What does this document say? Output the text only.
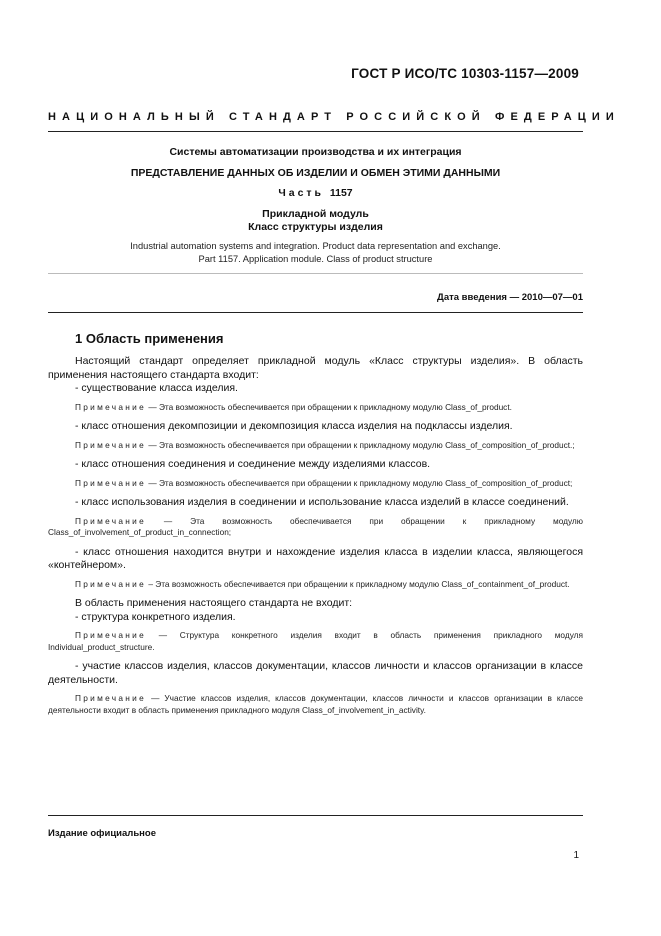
ГОСТ Р ИСО/ТС 10303-1157—2009
НАЦИОНАЛЬНЫЙ СТАНДАРТ РОССИЙСКОЙ ФЕДЕРАЦИИ
Системы автоматизации производства и их интеграция
ПРЕДСТАВЛЕНИЕ ДАННЫХ ОБ ИЗДЕЛИИ И ОБМЕН ЭТИМИ ДАННЫМИ
Часть 1157
Прикладной модуль
Класс структуры изделия
Industrial automation systems and integration. Product data representation and exchange.
Part 1157. Application module. Class of product structure
Дата введения — 2010—07—01
1 Область применения

Настоящий стандарт определяет прикладной модуль «Класс структуры изделия». В область применения настоящего стандарта входит:

- существование класса изделия.

Примечание — Эта возможность обеспечивается при обращении к прикладному модулю Class_of_product.

- класс отношения декомпозиции и декомпозиция класса изделия на подклассы изделия.

Примечание — Эта возможность обеспечивается при обращении к прикладному модулю Class_of_composition_of_product.;

- класс отношения соединения и соединение между изделиями классов.

Примечание — Эта возможность обеспечивается при обращении к прикладному модулю Class_of_composition_of_product;

- класс использования изделия в соединении и использование класса изделий в классе соединений.

Примечание — Эта возможность обеспечивается при обращении к прикладному модулю Class_of_involvement_of_product_in_connection;

- класс отношения находится внутри и нахождение изделия класса в изделии класса, являющегося «контейнером».

Примечание – Эта возможность обеспечивается при обращении к прикладному модулю Class_of_containment_of_product.

В область применения настоящего стандарта не входит:

- структура конкретного изделия.

Примечание — Структура конкретного изделия входит в область применения прикладного модуля Individual_product_structure.

- участие классов изделия, классов документации, классов личности и классов организации в классе деятельности.

Примечание — Участие классов изделия, классов документации, классов личности и классов организации в классе деятельности входит в область применения прикладного модуля Class_of_involvement_in_activity.

Издание официальное
1
